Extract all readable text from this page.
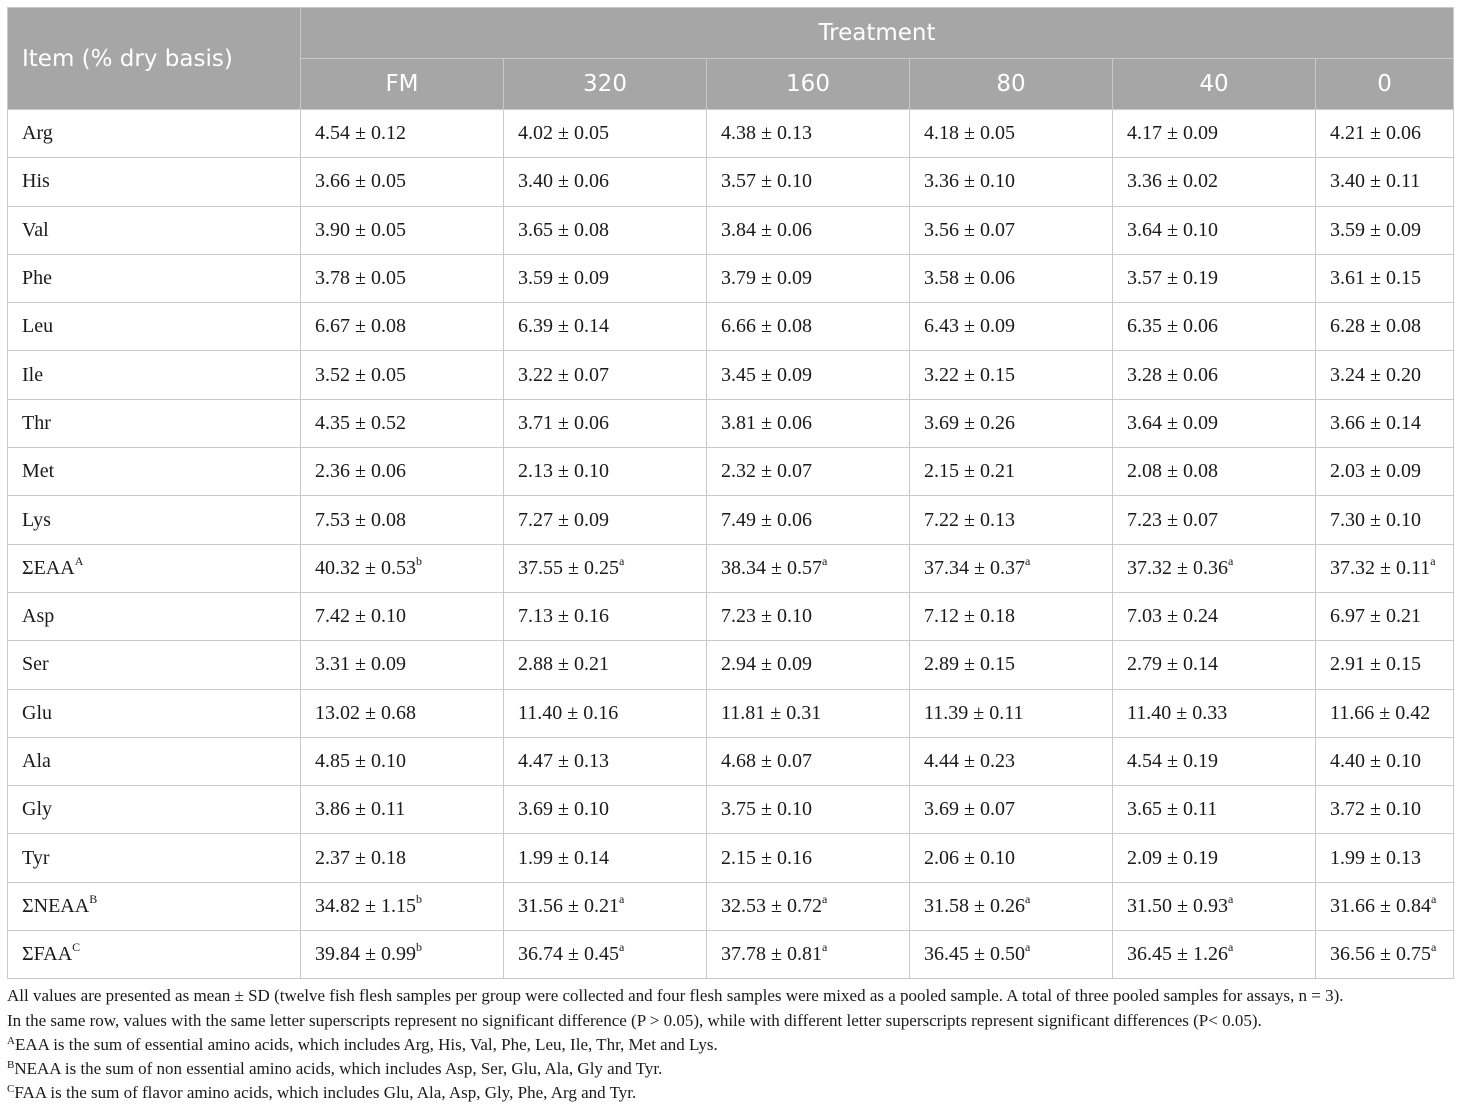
Item (% dry basis)	Treatment					
	FM	320	160	80	40	0
Arg	4.54 ± 0.12	4.02 ± 0.05	4.38 ± 0.13	4.18 ± 0.05	4.17 ± 0.09	4.21 ± 0.06
His	3.66 ± 0.05	3.40 ± 0.06	3.57 ± 0.10	3.36 ± 0.10	3.36 ± 0.02	3.40 ± 0.11
Val	3.90 ± 0.05	3.65 ± 0.08	3.84 ± 0.06	3.56 ± 0.07	3.64 ± 0.10	3.59 ± 0.09
Phe	3.78 ± 0.05	3.59 ± 0.09	3.79 ± 0.09	3.58 ± 0.06	3.57 ± 0.19	3.61 ± 0.15
Leu	6.67 ± 0.08	6.39 ± 0.14	6.66 ± 0.08	6.43 ± 0.09	6.35 ± 0.06	6.28 ± 0.08
Ile	3.52 ± 0.05	3.22 ± 0.07	3.45 ± 0.09	3.22 ± 0.15	3.28 ± 0.06	3.24 ± 0.20
Thr	4.35 ± 0.52	3.71 ± 0.06	3.81 ± 0.06	3.69 ± 0.26	3.64 ± 0.09	3.66 ± 0.14
Met	2.36 ± 0.06	2.13 ± 0.10	2.32 ± 0.07	2.15 ± 0.21	2.08 ± 0.08	2.03 ± 0.09
Lys	7.53 ± 0.08	7.27 ± 0.09	7.49 ± 0.06	7.22 ± 0.13	7.23 ± 0.07	7.30 ± 0.10
$\Sigma EAA^A$	40.32 ± 0.53$^b$	37.55 ± 0.25$^a$	38.34 ± 0.57$^a$	37.34 ± 0.37$^a$	37.32 ± 0.36$^a$	37.32 ± 0.11$^a$
Asp	7.42 ± 0.10	7.13 ± 0.16	7.23 ± 0.10	7.12 ± 0.18	7.03 ± 0.24	6.97 ± 0.21
Ser	3.31 ± 0.09	2.88 ± 0.21	2.94 ± 0.09	2.89 ± 0.15	2.79 ± 0.14	2.91 ± 0.15
Glu	13.02 ± 0.68	11.40 ± 0.16	11.81 ± 0.31	11.39 ± 0.11	11.40 ± 0.33	11.66 ± 0.42
Ala	4.85 ± 0.10	4.47 ± 0.13	4.68 ± 0.07	4.44 ± 0.23	4.54 ± 0.19	4.40 ± 0.10
Gly	3.86 ± 0.11	3.69 ± 0.10	3.75 ± 0.10	3.69 ± 0.07	3.65 ± 0.11	3.72 ± 0.10
Tyr	2.37 ± 0.18	1.99 ± 0.14	2.15 ± 0.16	2.06 ± 0.10	2.09 ± 0.19	1.99 ± 0.13
$\Sigma NEAA^B$	34.82 ± 1.15$^b$	31.56 ± 0.21$^a$	32.53 ± 0.72$^a$	31.58 ± 0.26$^a$	31.50 ± 0.93$^a$	31.66 ± 0.84$^a$
$\Sigma FAA^C$	39.84 ± 0.99$^b$	36.74 ± 0.45$^a$	37.78 ± 0.81$^a$	36.45 ± 0.50$^a$	36.45 ± 1.26$^a$	36.56 ± 0.75$^a$

All values are presented as mean ± SD (twelve fish flesh samples per group were collected and four flesh samples were mixed as a pooled sample. A total of three pooled samples for assays, n = 3).

In the same row, values with the same letter superscripts represent no significant difference (P > 0.05), while with different letter superscripts represent significant differences (P< 0.05).

$^A$EAA is the sum of essential amino acids, which includes Arg, His, Val, Phe, Leu, Ile, Thr, Met and Lys.

$^B$NEAA is the sum of non essential amino acids, which includes Asp, Ser, Glu, Ala, Gly and Tyr.

$^C$FAA is the sum of flavor amino acids, which includes Glu, Ala, Asp, Gly, Phe, Arg and Tyr.
